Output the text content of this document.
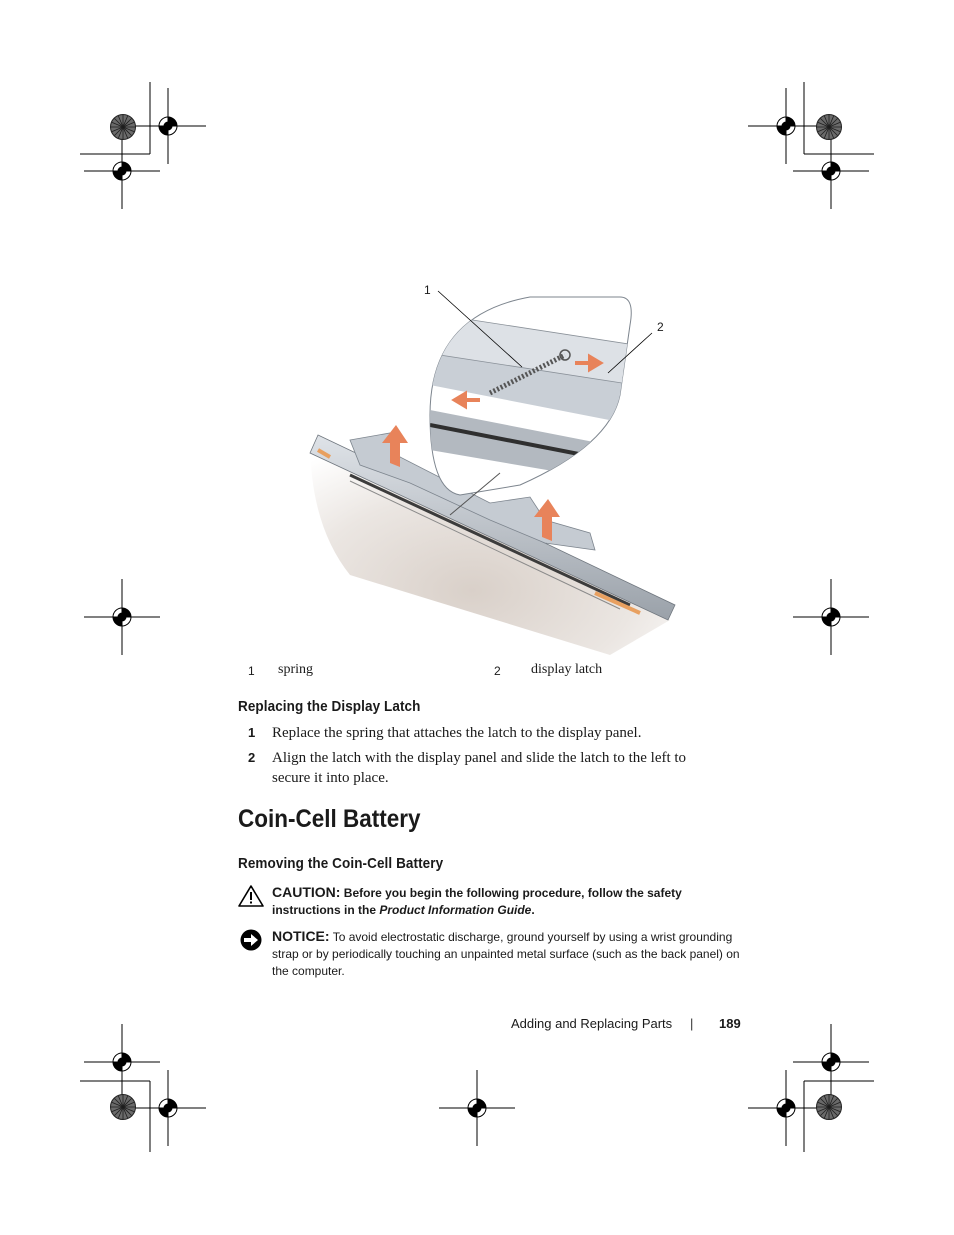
1
2
1 spring	2 display latch
Replacing the Display Latch
1 Replace the spring that attaches the latch to the display panel.
2 Align the latch with the display panel and slide the latch to the left to secure it into place.
Coin-Cell Battery
Removing the Coin-Cell Battery
CAUTION: Before you begin the following procedure, follow the safety instructions in the Product Information Guide.
NOTICE: To avoid electrostatic discharge, ground yourself by using a wrist grounding strap or by periodically touching an unpainted metal surface (such as the back panel) on the computer.
Adding and Replacing Parts | 189
